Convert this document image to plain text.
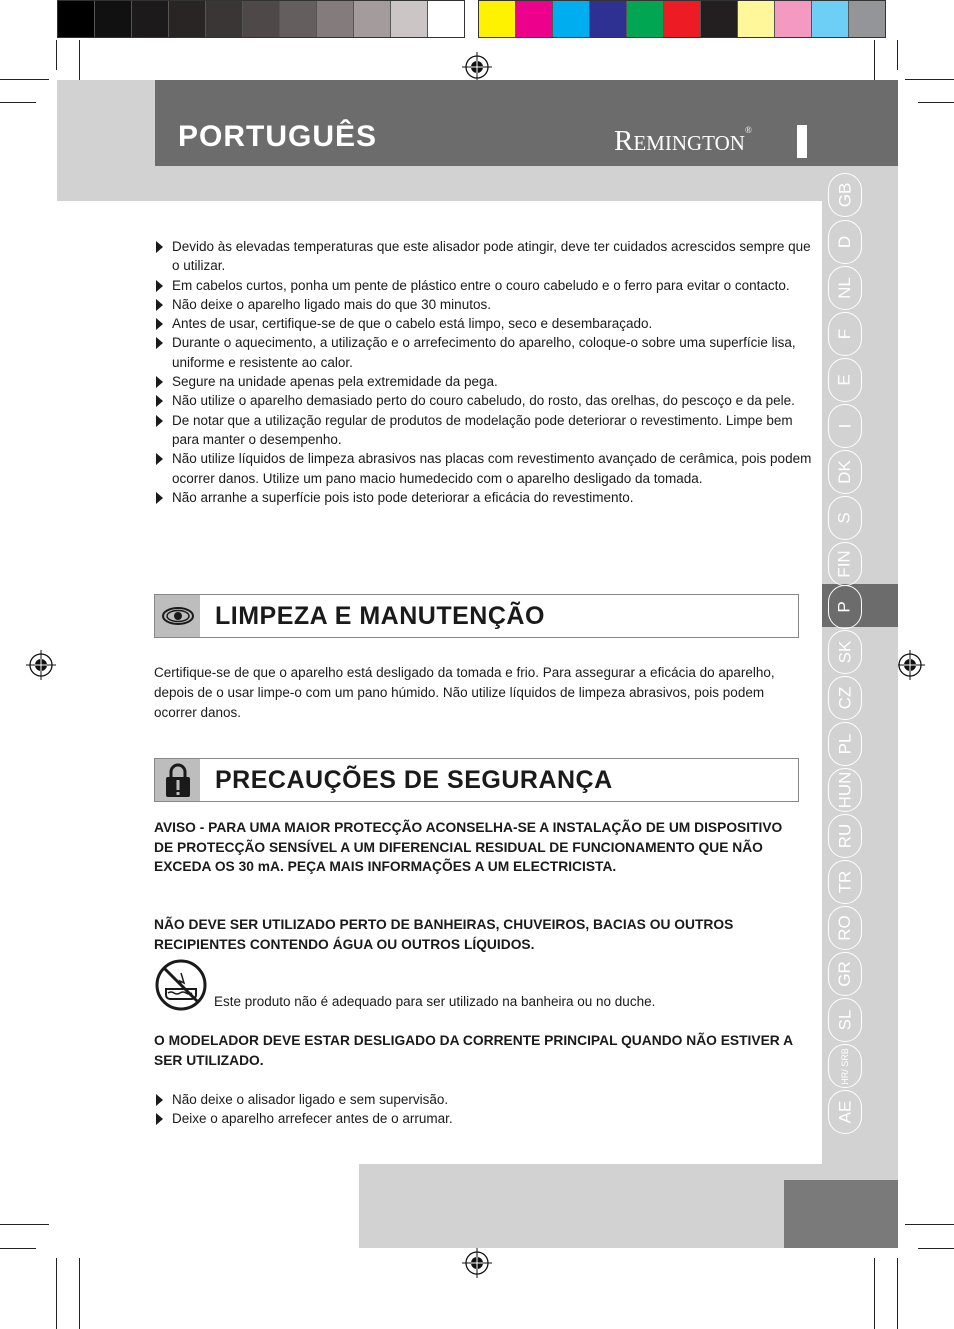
PORTUGUÊS	REMINGTON®
GB
D
NL
F
E
I
DK
S
FIN
P
SK
CZ
PL
HUN
RU
TR
RO
GR
SL
HR/ SRB
AE
Devido às elevadas temperaturas que este alisador pode atingir, deve ter cuidados acrescidos sempre que o utilizar.
Em cabelos curtos, ponha um pente de plástico entre o couro cabeludo e o ferro para evitar o contacto.
Não deixe o aparelho ligado mais do que 30 minutos.
Antes de usar, certifique-se de que o cabelo está limpo, seco e desembaraçado.
Durante o aquecimento, a utilização e o arrefecimento do aparelho, coloque-o sobre uma superfície lisa, uniforme e resistente ao calor.
Segure na unidade apenas pela extremidade da pega.
Não utilize o aparelho demasiado perto do couro cabeludo, do rosto, das orelhas, do pescoço e da pele.
De notar que a utilização regular de produtos de modelação pode deteriorar o revestimento. Limpe bem para manter o desempenho.
Não utilize líquidos de limpeza abrasivos nas placas com revestimento avançado de cerâmica, pois podem ocorrer danos. Utilize um pano macio humedecido com o aparelho desligado da tomada.
Não arranhe a superfície pois isto pode deteriorar a eficácia do revestimento.
LIMPEZA E MANUTENÇÃO

Certifique-se de que o aparelho está desligado da tomada e frio. Para assegurar a eficácia do aparelho, depois de o usar limpe-o com um pano húmido. Não utilize líquidos de limpeza abrasivos, pois podem ocorrer danos.

PRECAUÇÕES DE SEGURANÇA

AVISO - PARA UMA MAIOR PROTECÇÃO ACONSELHA-SE A INSTALAÇÃO DE UM DISPOSITIVO DE PROTECÇÃO SENSÍVEL A UM DIFERENCIAL RESIDUAL DE FUNCIONAMENTO QUE NÃO EXCEDA OS 30 mA. PEÇA MAIS INFORMAÇÕES A UM ELECTRICISTA.

NÃO DEVE SER UTILIZADO PERTO DE BANHEIRAS, CHUVEIROS, BACIAS OU OUTROS RECIPIENTES CONTENDO ÁGUA OU OUTROS LÍQUIDOS.

Este produto não é adequado para ser utilizado na banheira ou no duche.

O MODELADOR DEVE ESTAR DESLIGADO DA CORRENTE PRINCIPAL QUANDO NÃO ESTIVER A SER UTILIZADO.

Não deixe o alisador ligado e sem supervisão.
Deixe o aparelho arrefecer antes de o arrumar.
